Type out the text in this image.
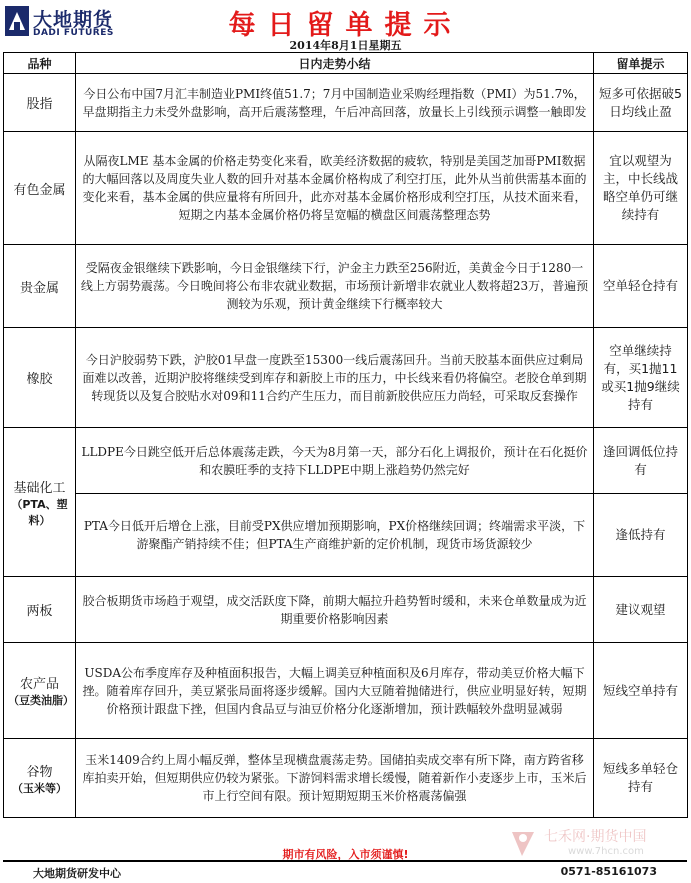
大地期货
DADI FUTURES	每日留单提示
2014年8月1日星期五
品种	日内走势小结	留单提示
股指	今日公布中国7月汇丰制造业PMI终值51.7；7月中国制造业采购经理指数（PMI）为51.7%，早盘期指主力未受外盘影响，高开后震荡整理，午后冲高回落，放量长上引线预示调整一触即发	短多可依据破5日均线止盈
有色金属	从隔夜LME 基本金属的价格走势变化来看，欧美经济数据的疲软，特别是美国芝加哥PMI数据的大幅回落以及周度失业人数的回升对基本金属价格构成了利空打压，此外从当前供需基本面的变化来看，基本金属的供应量将有所回升，此亦对基本金属价格形成利空打压，从技术面来看，短期之内基本金属价格仍将呈宽幅的横盘区间震荡整理态势	宜以观望为主，中长线战略空单仍可继续持有
贵金属	受隔夜金银继续下跌影响，今日金银继续下行，沪金主力跌至256附近，美黄金今日于1280一线上方弱势震荡。今日晚间将公布非农就业数据，市场预计新增非农就业人数将超23万，普遍预测较为乐观，预计黄金继续下行概率较大	空单轻仓持有
橡胶	今日沪胶弱势下跌，沪胶01早盘一度跌至15300一线后震荡回升。当前天胶基本面供应过剩局面难以改善，近期沪胶将继续受到库存和新胶上市的压力，中长线来看仍将偏空。老胶仓单到期转现货以及复合胶贴水对09和11合约产生压力，而目前新胶供应压力尚轻，可采取反套操作	空单继续持有，买1抛11或买1抛9继续持有
基础化工
（PTA、塑料）	LLDPE今日跳空低开后总体震荡走跌，今天为8月第一天，部分石化上调报价，预计在石化挺价和农膜旺季的支持下LLDPE中期上涨趋势仍然完好	逢回调低位持有
	PTA今日低开后增仓上涨，目前受PX供应增加预期影响，PX价格继续回调；终端需求平淡，下游聚酯产销持续不佳；但PTA生产商维护新的定价机制，现货市场货源较少	逢低持有
两板	胶合板期货市场趋于观望，成交活跃度下降，前期大幅拉升趋势暂时缓和，未来仓单数量成为近期重要价格影响因素	建议观望
农产品
（豆类油脂）	USDA公布季度库存及种植面积报告，大幅上调美豆种植面积及6月库存，带动美豆价格大幅下挫。随着库存回升，美豆紧张局面将逐步缓解。国内大豆随着抛储进行，供应业明显好转，短期价格预计跟盘下挫，但国内食品豆与油豆价格分化逐渐增加，预计跌幅较外盘明显减弱	短线空单持有
谷物
（玉米等）	玉米1409合约上周小幅反弹，整体呈现横盘震荡走势。国储拍卖成交率有所下降，南方跨省移库拍卖开始，但短期供应仍较为紧张。下游饲料需求增长缓慢，随着新作小麦逐步上市，玉米后市上行空间有限。预计短期短期玉米价格震荡偏强	短线多单轻仓持有
期市有风险，入市须谨慎!
七禾网·期货中国
www.7hcn.com
大地期货研发中心	0571-85161073
